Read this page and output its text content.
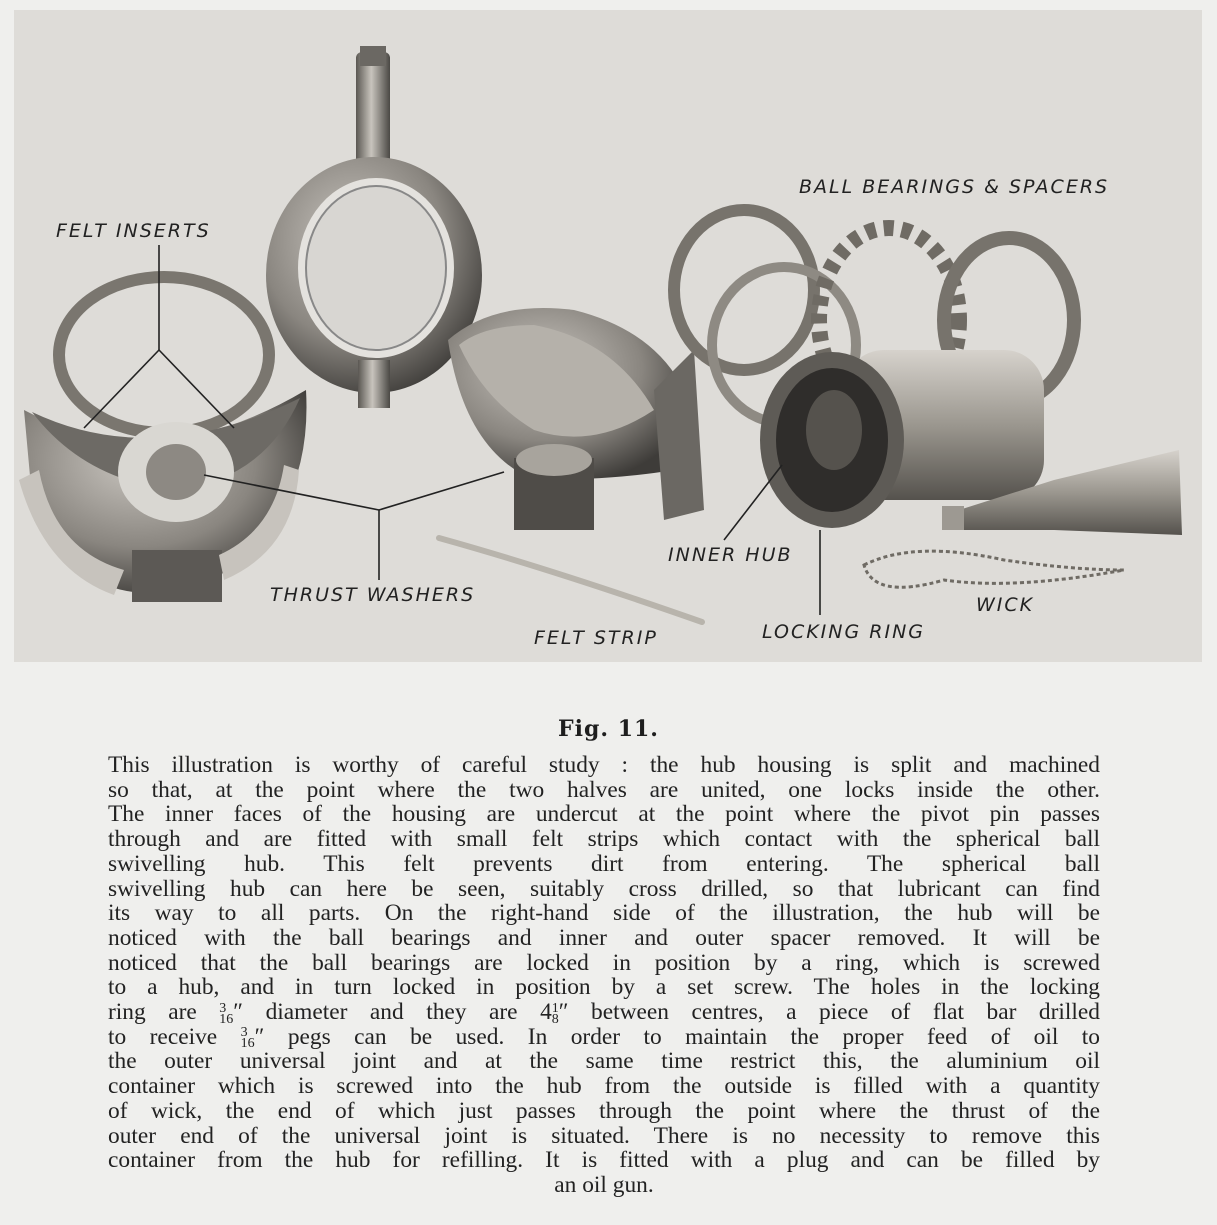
FELT INSERTS
BALL BEARINGS & SPACERS
THRUST WASHERS
FELT STRIP
INNER HUB
LOCKING RING
WICK
Fig. 11.
This illustration is worthy of careful study : the hub housing is split and machined
so that, at the point where the two halves are united, one locks inside the other.
The inner faces of the housing are undercut at the point where the pivot pin passes
through and are fitted with small felt strips which contact with the spherical ball
swivelling hub. This felt prevents dirt from entering. The spherical ball
swivelling hub can here be seen, suitably cross drilled, so that lubricant can find
its way to all parts. On the right-hand side of the illustration, the hub will be
noticed with the ball bearings and inner and outer spacer removed. It will be
noticed that the ball bearings are locked in position by a ring, which is screwed
to a hub, and in turn locked in position by a set screw. The holes in the locking
ring are 3
16 ″ diameter and they are 4 1
8 ″ between centres, a piece of flat bar drilled
to receive 3
16 ″ pegs can be used. In order to maintain the proper feed of oil to
the outer universal joint and at the same time restrict this, the aluminium oil
container which is screwed into the hub from the outside is filled with a quantity
of wick, the end of which just passes through the point where the thrust of the
outer end of the universal joint is situated. There is no necessity to remove this
container from the hub for refilling. It is fitted with a plug and can be filled by
an oil gun.
